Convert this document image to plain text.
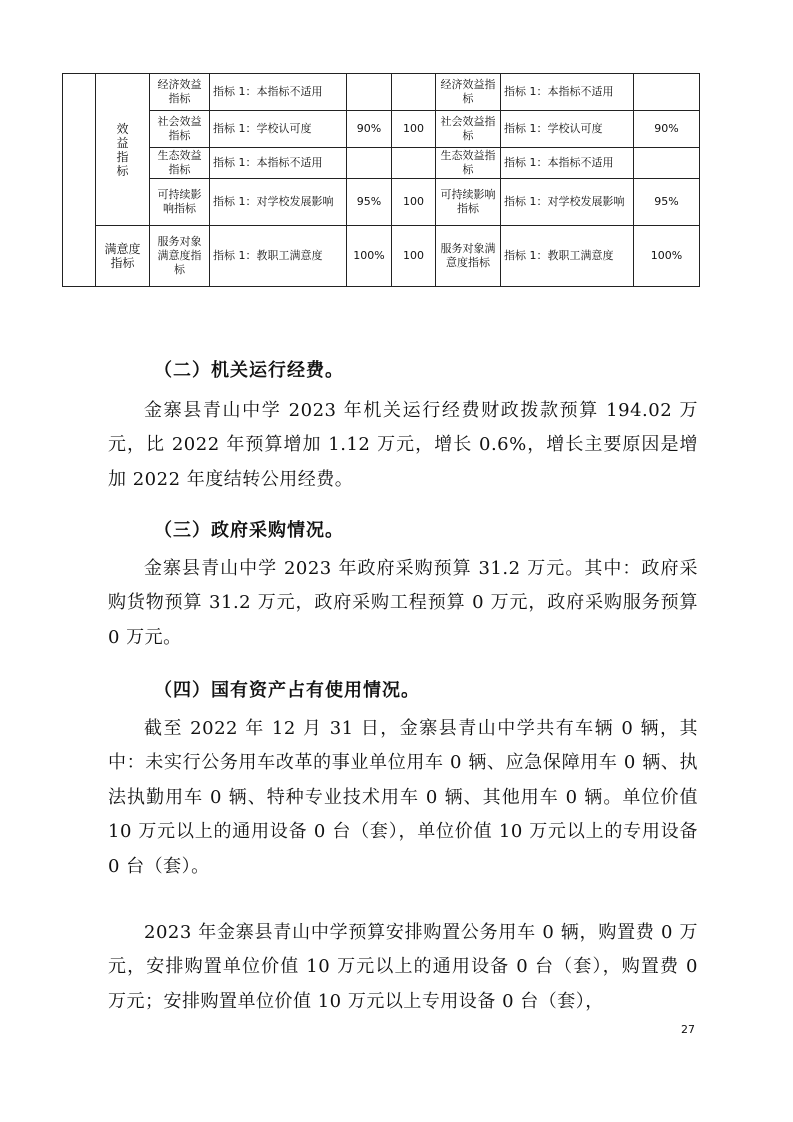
	效益指标	经济效益指标	指标 1：本指标不适用			经济效益指标	指标 1：本指标不适用		
		社会效益指标	指标 1：学校认可度	90%	100	社会效益指标	指标 1：学校认可度	90%	
		生态效益指标	指标 1：本指标不适用			生态效益指标	指标 1：本指标不适用		
		可持续影响指标	指标 1：对学校发展影响	95%	100	可持续影响指标	指标 1：对学校发展影响	95%	

	满意度指标	服务对象满意度指标	指标 1：教职工满意度	100%	100	服务对象满意度指标	指标 1：教职工满意度	100%	
（二）机关运行经费。

金寨县青山中学 2023 年机关运行经费财政拨款预算 194.02 万元，比 2022 年预算增加 1.12 万元，增长 0.6%，增长主要原因是增加 2022 年度结转公用经费。

（三）政府采购情况。

金寨县青山中学 2023 年政府采购预算 31.2 万元。其中：政府采购货物预算 31.2 万元，政府采购工程预算 0 万元，政府采购服务预算 0 万元。

（四）国有资产占有使用情况。

截至 2022 年 12 月 31 日，金寨县青山中学共有车辆 0 辆，其中：未实行公务用车改革的事业单位用车 0 辆、应急保障用车 0 辆、执法执勤用车 0 辆、特种专业技术用车 0 辆、其他用车 0 辆。单位价值 10 万元以上的通用设备 0 台（套），单位价值 10 万元以上的专用设备 0 台（套）。

2023 年金寨县青山中学预算安排购置公务用车 0 辆，购置费 0 万元，安排购置单位价值 10 万元以上的通用设备 0 台（套），购置费 0 万元；安排购置单位价值 10 万元以上专用设备 0 台（套），

27
